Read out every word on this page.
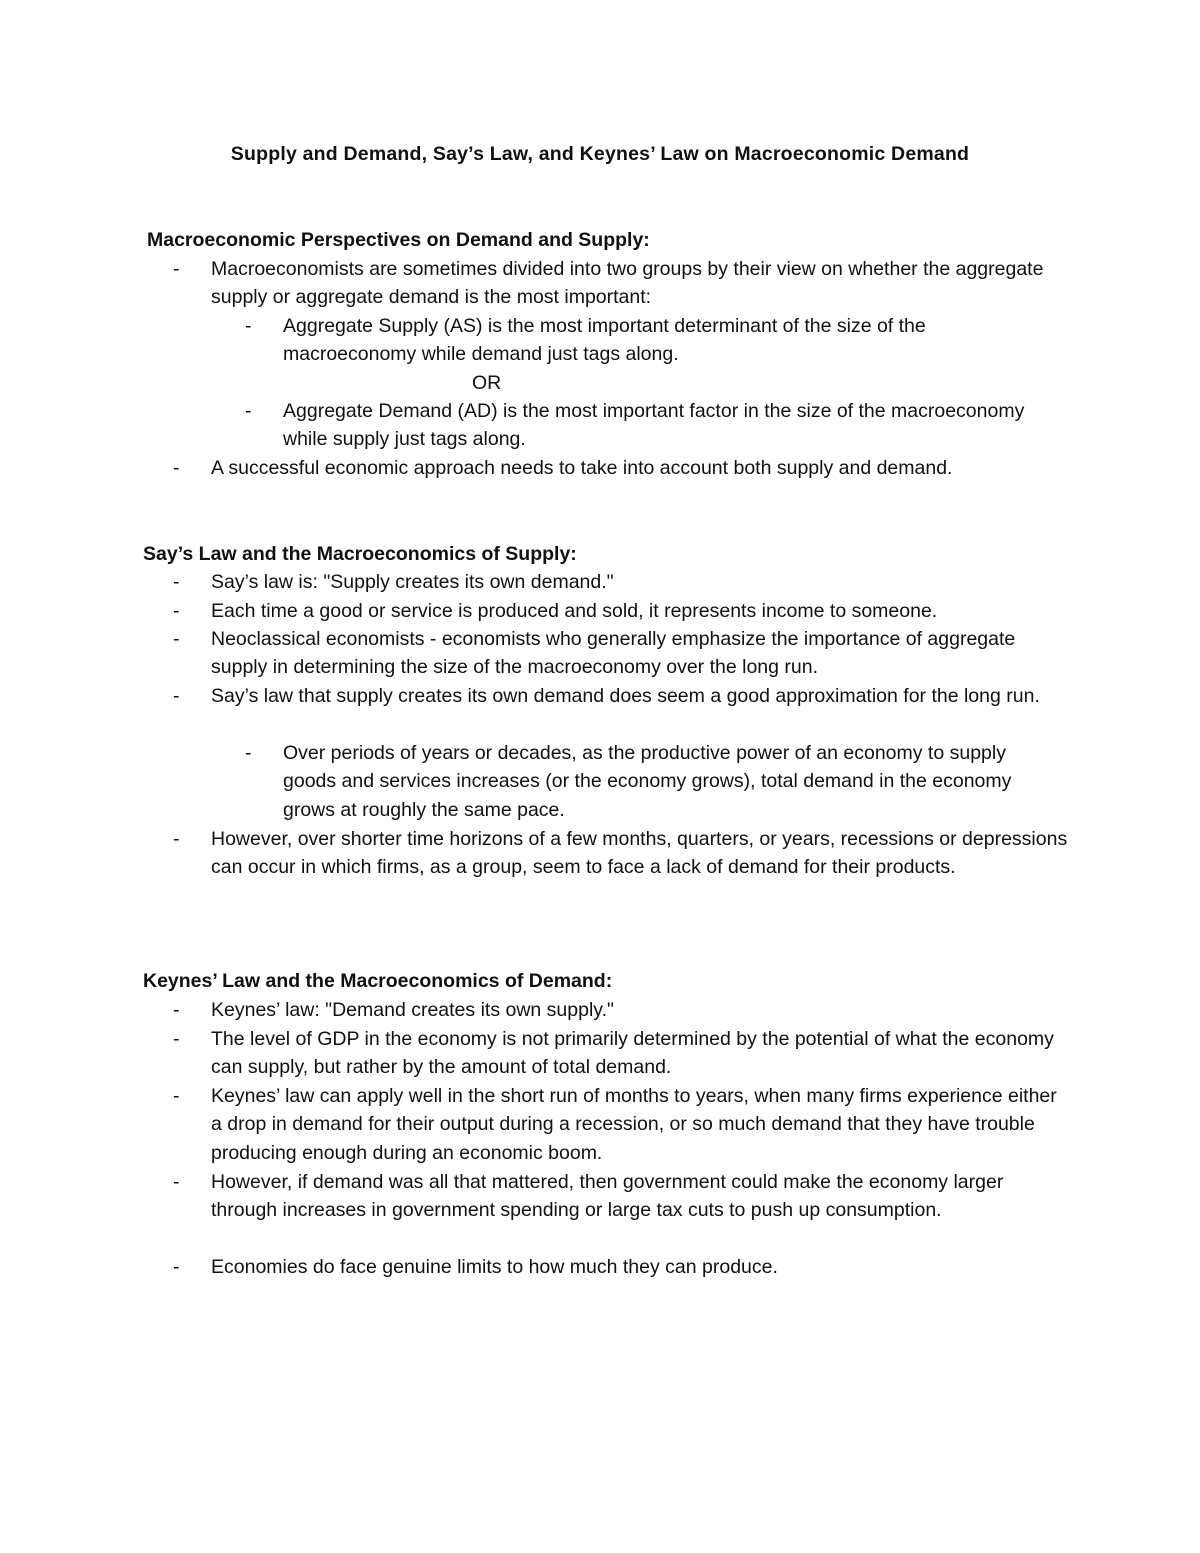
Supply and Demand, Say’s Law, and Keynes’ Law on Macroeconomic Demand
Macroeconomic Perspectives on Demand and Supply:
-	Macroeconomists are sometimes divided into two groups by their view on whether the aggregate supply or aggregate demand is the most important:
-	Aggregate Supply (AS) is the most important determinant of the size of the macroeconomy while demand just tags along.
OR
-	Aggregate Demand (AD) is the most important factor in the size of the macroeconomy while supply just tags along.
-	A successful economic approach needs to take into account both supply and demand.
Say’s Law and the Macroeconomics of Supply:
-	Say’s law is: "Supply creates its own demand."
-	Each time a good or service is produced and sold, it represents income to someone.
-	Neoclassical economists - economists who generally emphasize the importance of aggregate supply in determining the size of the macroeconomy over the long run.
-	Say’s law that supply creates its own demand does seem a good approximation for the long run.
-	Over periods of years or decades, as the productive power of an economy to supply goods and services increases (or the economy grows), total demand in the economy grows at roughly the same pace.
-	However, over shorter time horizons of a few months, quarters, or years, recessions or depressions can occur in which firms, as a group, seem to face a lack of demand for their products.
Keynes’ Law and the Macroeconomics of Demand:
-	Keynes’ law: "Demand creates its own supply."
-	The level of GDP in the economy is not primarily determined by the potential of what the economy can supply, but rather by the amount of total demand.
-	Keynes’ law can apply well in the short run of months to years, when many firms experience either a drop in demand for their output during a recession, or so much demand that they have trouble producing enough during an economic boom.
-	However, if demand was all that mattered, then government could make the economy larger through increases in government spending or large tax cuts to push up consumption.
-	Economies do face genuine limits to how much they can produce.
